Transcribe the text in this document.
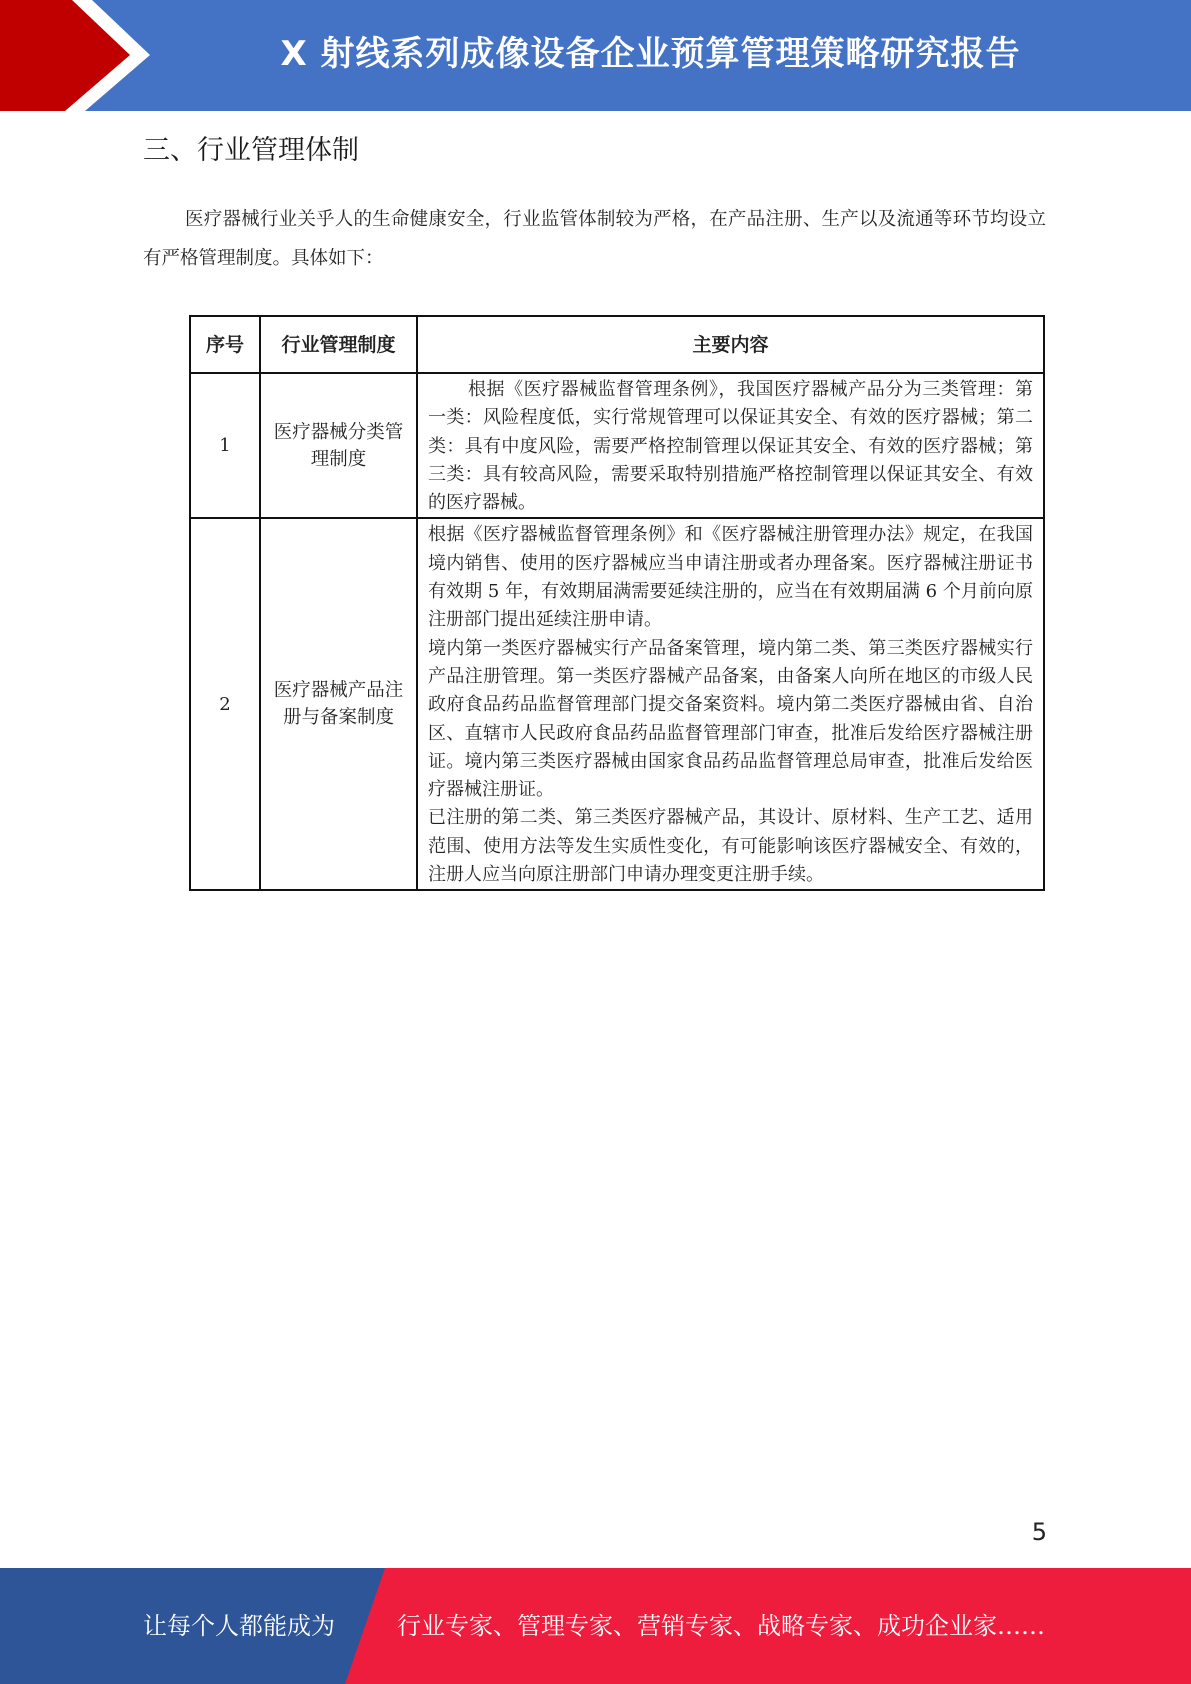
X 射线系列成像设备企业预算管理策略研究报告
三、行业管理体制
医疗器械行业关乎人的生命健康安全，行业监管体制较为严格，在产品注册、生产以及流通等环节均设立有严格管理制度。具体如下：
序号	行业管理制度	主要内容
1	医疗器械分类管理制度	根据《医疗器械监督管理条例》，我国医疗器械产品分为三类管理：第一类：风险程度低，实行常规管理可以保证其安全、有效的医疗器械；第二类：具有中度风险，需要严格控制管理以保证其安全、有效的医疗器械；第三类：具有较高风险，需要采取特别措施严格控制管理以保证其安全、有效的医疗器械。

2	医疗器械产品注册与备案制度	根据《医疗器械监督管理条例》和《医疗器械注册管理办法》规定，在我国境内销售、使用的医疗器械应当申请注册或者办理备案。医疗器械注册证书有效期 5 年，有效期届满需要延续注册的，应当在有效期届满 6 个月前向原注册部门提出延续注册申请。

境内第一类医疗器械实行产品备案管理，境内第二类、第三类医疗器械实行产品注册管理。第一类医疗器械产品备案，由备案人向所在地区的市级人民政府食品药品监督管理部门提交备案资料。境内第二类医疗器械由省、自治区、直辖市人民政府食品药品监督管理部门审查，批准后发给医疗器械注册证。境内第三类医疗器械由国家食品药品监督管理总局审查，批准后发给医疗器械注册证。

已注册的第二类、第三类医疗器械产品，其设计、原材料、生产工艺、适用范围、使用方法等发生实质性变化，有可能影响该医疗器械安全、有效的，注册人应当向原注册部门申请办理变更注册手续。

5
让每个人都能成为	行业专家、管理专家、营销专家、战略专家、成功企业家……
